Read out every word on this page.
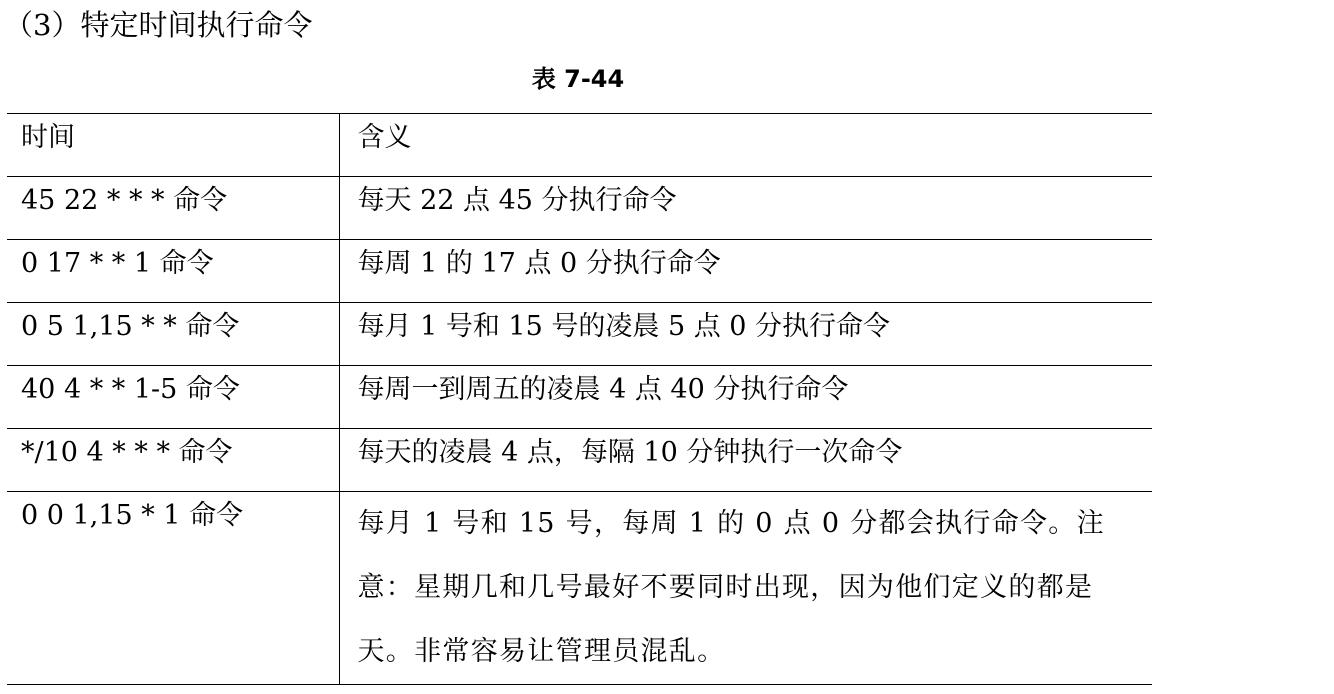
（3）特定时间执行命令
表 7-44
时间	含义
45 22 * * * 命令	每天 22 点 45 分执行命令
0 17 * * 1 命令	每周 1 的 17 点 0 分执行命令
0 5 1,15 * * 命令	每月 1 号和 15 号的凌晨 5 点 0 分执行命令
40 4 * * 1-5 命令	每周一到周五的凌晨 4 点 40 分执行命令
*/10 4 * * * 命令	每天的凌晨 4 点，每隔 10 分钟执行一次命令
0 0 1,15 * 1 命令	每月 1 号和 15 号，每周 1 的 0 点 0 分都会执行命令。注意：星期几和几号最好不要同时出现，因为他们定义的都是天。非常容易让管理员混乱。
